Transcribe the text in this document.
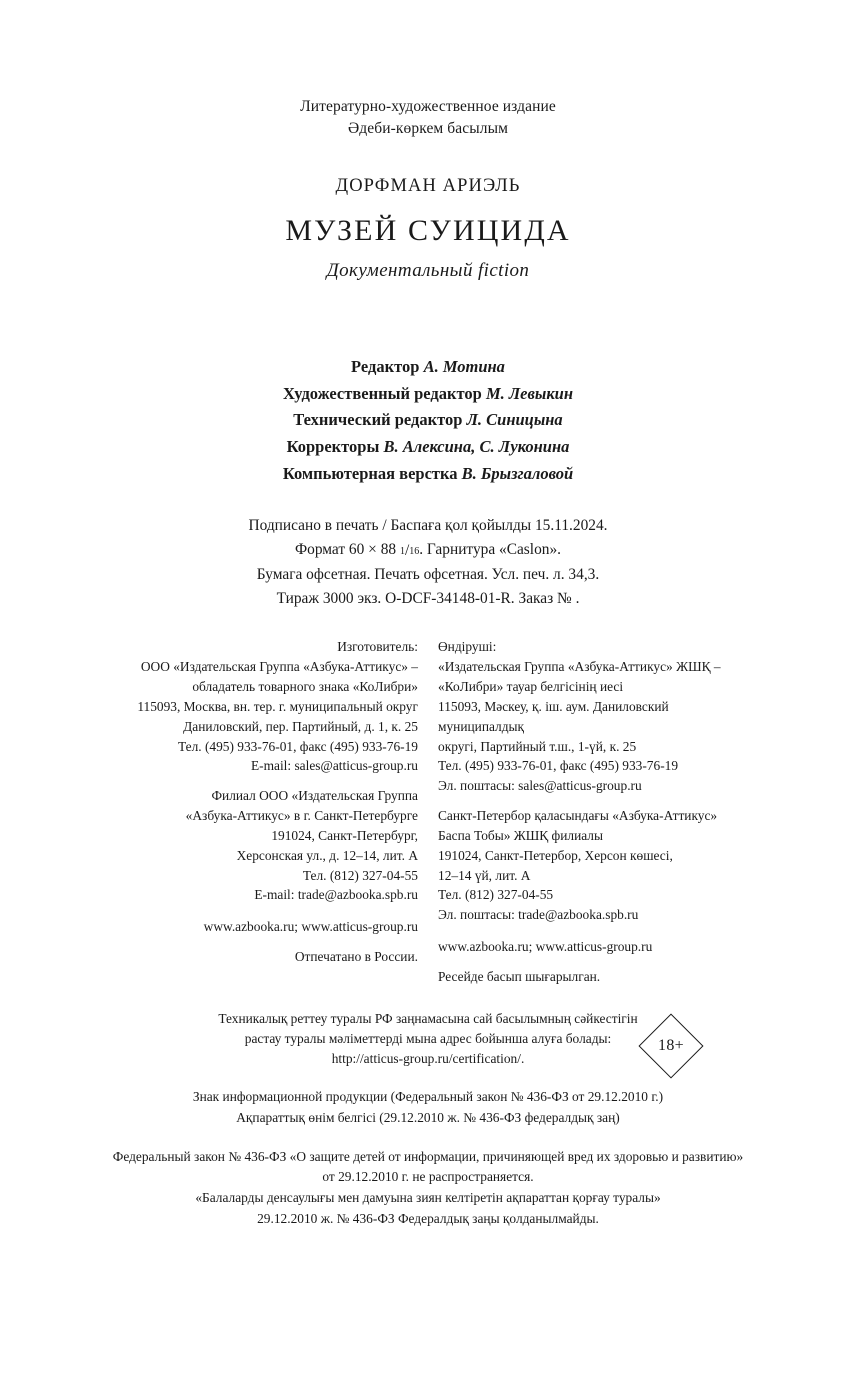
Литературно-художественное издание
Әдеби-көркем басылым
ДОРФМАН АРИЭЛЬ
МУЗЕЙ СУИЦИДА
Документальный fiction
Редактор А. Мотина
Художественный редактор М. Левыкин
Технический редактор Л. Синицына
Корректоры В. Алексина, С. Луконина
Компьютерная верстка В. Брызгаловой
Подписано в печать / Баспаға қол қойылды 15.11.2024.
Формат 60 × 88 1 / 16 . Гарнитура «Caslon».
Бумага офсетная. Печать офсетная. Усл. печ. л. 34,3.
Тираж 3000 экз. O-DCF-34148-01-R. Заказ № .
Изготовитель:
ООО «Издательская Группа «Азбука-Аттикус» –
обладатель товарного знака «КоЛибри»
115093, Москва, вн. тер. г. муниципальный округ
Даниловский, пер. Партийный, д. 1, к. 25
Тел. (495) 933-76-01, факс (495) 933-76-19
E-mail: sales@atticus-group.ru
Филиал ООО «Издательская Группа
«Азбука-Аттикус» в г. Санкт-Петербурге
191024, Санкт-Петербург,
Херсонская ул., д. 12–14, лит. А
Тел. (812) 327-04-55
E-mail: trade@azbooka.spb.ru
www.azbooka.ru; www.atticus-group.ru
Отпечатано в России.
Өндіруші:
«Издательская Группа «Азбука-Аттикус» ЖШҚ –
«КоЛибри» тауар белгісінің иесі
115093, Мәскеу, қ. іш. аум. Даниловский муниципалдық
округі, Партийный т.ш., 1-үй, к. 25
Тел. (495) 933-76-01, факс (495) 933-76-19
Эл. поштасы: sales@atticus-group.ru
Санкт-Петербор қаласындағы «Азбука-Аттикус»
Баспа Тобы» ЖШҚ филиалы
191024, Санкт-Петербор, Херсон көшесі,
12–14 үй, лит. А
Тел. (812) 327-04-55
Эл. поштасы: trade@azbooka.spb.ru
www.azbooka.ru; www.atticus-group.ru
Ресейде басып шығарылган.
Техникалық реттеу туралы РФ заңнамасына сай басылымның сәйкестігін
растау туралы мәліметтерді мына адрес бойынша алуға болады:
http://atticus-group.ru/certification/.
18+
Знак информационной продукции (Федеральный закон № 436-ФЗ от 29.12.2010 г.)
Ақпараттық өнім белгісі (29.12.2010 ж. № 436-ФЗ федералдық заң)
Федеральный закон № 436-ФЗ «О защите детей от информации, причиняющей вред их здоровью и развитию»
от 29.12.2010 г. не распространяется.
«Балаларды денсаулығы мен дамуына зиян келтіретін ақпараттан қорғау туралы»
29.12.2010 ж. № 436-ФЗ Федералдық заңы қолданылмайды.
